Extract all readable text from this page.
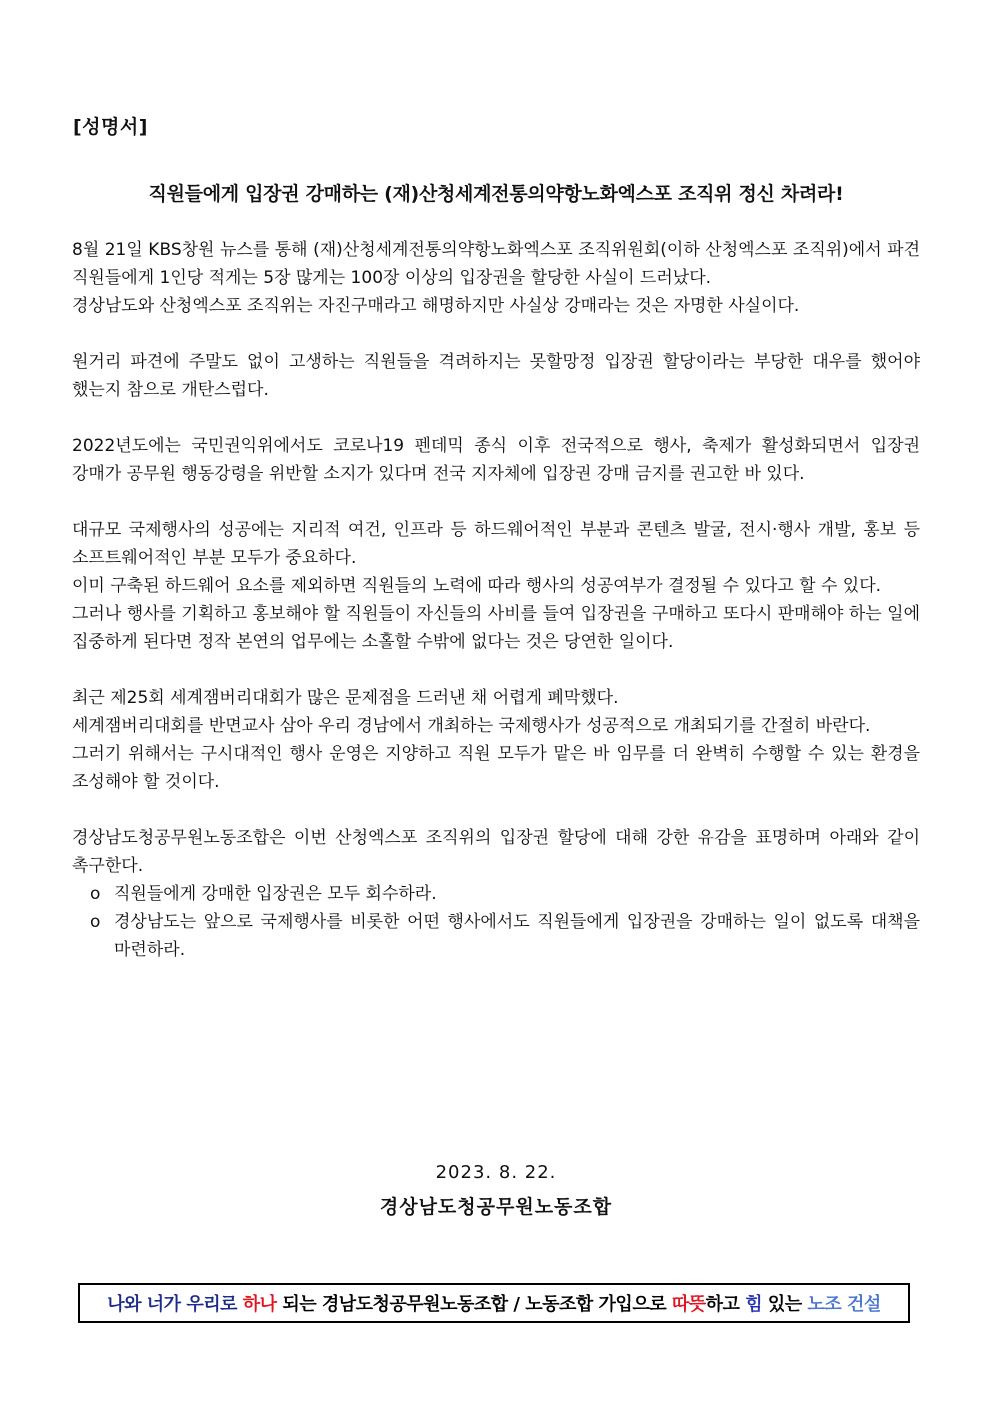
[성명서]
직원들에게 입장권 강매하는 (재)산청세계전통의약항노화엑스포 조직위 정신 차려라!

8월 21일 KBS창원 뉴스를 통해 (재)산청세계전통의약항노화엑스포 조직위원회(이하 산청엑스포 조직위)에서 파견 직원들에게 1인당 적게는 5장 많게는 100장 이상의 입장권을 할당한 사실이 드러났다.

경상남도와 산청엑스포 조직위는 자진구매라고 해명하지만 사실상 강매라는 것은 자명한 사실이다.

원거리 파견에 주말도 없이 고생하는 직원들을 격려하지는 못할망정 입장권 할당이라는 부당한 대우를 했어야 했는지 참으로 개탄스럽다.

2022년도에는 국민권익위에서도 코로나19 펜데믹 종식 이후 전국적으로 행사, 축제가 활성화되면서 입장권 강매가 공무원 행동강령을 위반할 소지가 있다며 전국 지자체에 입장권 강매 금지를 권고한 바 있다.

대규모 국제행사의 성공에는 지리적 여건, 인프라 등 하드웨어적인 부분과 콘텐츠 발굴, 전시·행사 개발, 홍보 등 소프트웨어적인 부분 모두가 중요하다.

이미 구축된 하드웨어 요소를 제외하면 직원들의 노력에 따라 행사의 성공여부가 결정될 수 있다고 할 수 있다.

그러나 행사를 기획하고 홍보해야 할 직원들이 자신들의 사비를 들여 입장권을 구매하고 또다시 판매해야 하는 일에 집중하게 된다면 정작 본연의 업무에는 소홀할 수밖에 없다는 것은 당연한 일이다.

최근 제25회 세계잼버리대회가 많은 문제점을 드러낸 채 어렵게 폐막했다.

세계잼버리대회를 반면교사 삼아 우리 경남에서 개최하는 국제행사가 성공적으로 개최되기를 간절히 바란다.

그러기 위해서는 구시대적인 행사 운영은 지양하고 직원 모두가 맡은 바 임무를 더 완벽히 수행할 수 있는 환경을 조성해야 할 것이다.

경상남도청공무원노동조합은 이번 산청엑스포 조직위의 입장권 할당에 대해 강한 유감을 표명하며 아래와 같이 촉구한다.

o 직원들에게 강매한 입장권은 모두 회수하라.
o 경상남도는 앞으로 국제행사를 비롯한 어떤 행사에서도 직원들에게 입장권을 강매하는 일이 없도록 대책을 마련하라.
2023. 8. 22.
경상남도청공무원노동조합
나와 너가 우리로 하나 되는 경남도청공무원노동조합 / 노동조합 가입으로 따뜻 하고 힘 있는 노조 건설
